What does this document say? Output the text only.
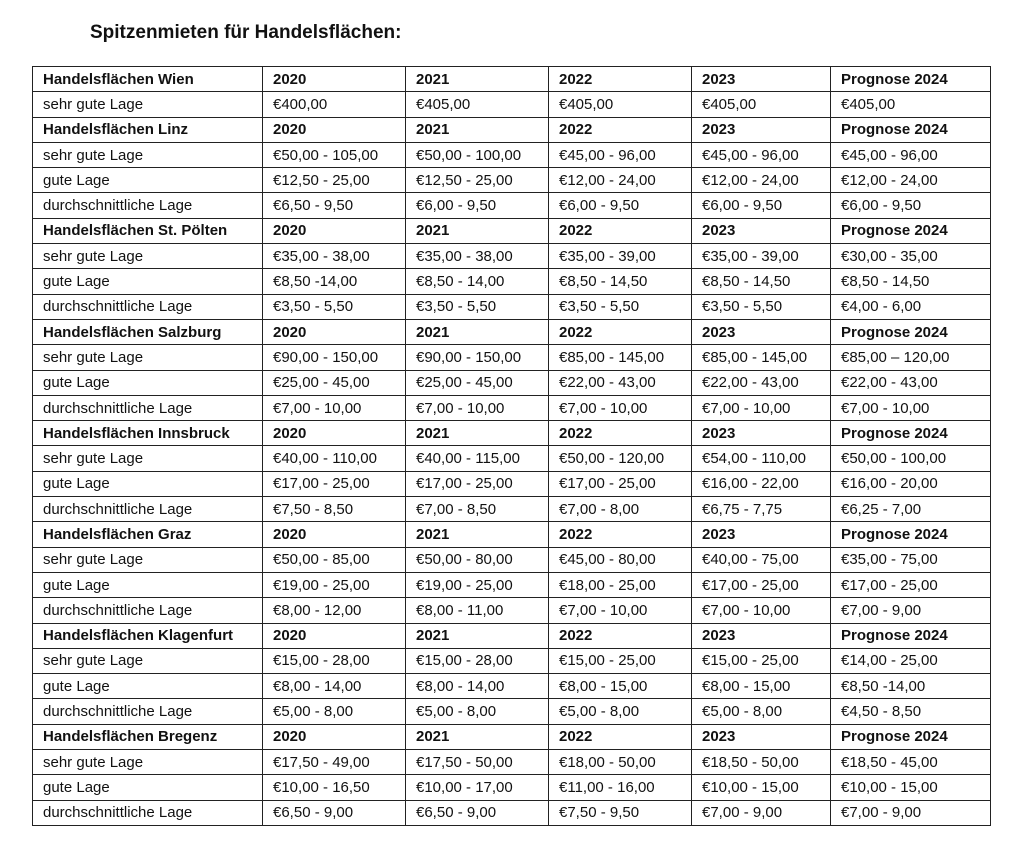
Spitzenmieten für Handelsflächen:
Handelsflächen Wien	2020	2021	2022	2023	Prognose 2024
sehr gute Lage	€400,00	€405,00	€405,00	€405,00	€405,00
Handelsflächen Linz	2020	2021	2022	2023	Prognose 2024
sehr gute Lage	€50,00 - 105,00	€50,00 - 100,00	€45,00 - 96,00	€45,00 - 96,00	€45,00 - 96,00
gute Lage	€12,50 - 25,00	€12,50 - 25,00	€12,00 - 24,00	€12,00 - 24,00	€12,00 - 24,00
durchschnittliche Lage	€6,50 - 9,50	€6,00 - 9,50	€6,00 - 9,50	€6,00 - 9,50	€6,00 - 9,50
Handelsflächen St. Pölten	2020	2021	2022	2023	Prognose 2024
sehr gute Lage	€35,00 - 38,00	€35,00 - 38,00	€35,00 - 39,00	€35,00 - 39,00	€30,00 - 35,00
gute Lage	€8,50 -14,00	€8,50 - 14,00	€8,50 - 14,50	€8,50 - 14,50	€8,50 - 14,50
durchschnittliche Lage	€3,50 - 5,50	€3,50 - 5,50	€3,50 - 5,50	€3,50 - 5,50	€4,00 - 6,00
Handelsflächen Salzburg	2020	2021	2022	2023	Prognose 2024
sehr gute Lage	€90,00 - 150,00	€90,00 - 150,00	€85,00 - 145,00	€85,00 - 145,00	€85,00 – 120,00
gute Lage	€25,00 - 45,00	€25,00 - 45,00	€22,00 - 43,00	€22,00 - 43,00	€22,00 - 43,00
durchschnittliche Lage	€7,00 - 10,00	€7,00 - 10,00	€7,00 - 10,00	€7,00 - 10,00	€7,00 - 10,00
Handelsflächen Innsbruck	2020	2021	2022	2023	Prognose 2024
sehr gute Lage	€40,00 - 110,00	€40,00 - 115,00	€50,00 - 120,00	€54,00 - 110,00	€50,00 - 100,00
gute Lage	€17,00 - 25,00	€17,00 - 25,00	€17,00 - 25,00	€16,00 - 22,00	€16,00 - 20,00
durchschnittliche Lage	€7,50 - 8,50	€7,00 - 8,50	€7,00 - 8,00	€6,75 - 7,75	€6,25 - 7,00
Handelsflächen Graz	2020	2021	2022	2023	Prognose 2024
sehr gute Lage	€50,00 - 85,00	€50,00 - 80,00	€45,00 - 80,00	€40,00 - 75,00	€35,00 - 75,00
gute Lage	€19,00 - 25,00	€19,00 - 25,00	€18,00 - 25,00	€17,00 - 25,00	€17,00 - 25,00
durchschnittliche Lage	€8,00 - 12,00	€8,00 - 11,00	€7,00 - 10,00	€7,00 - 10,00	€7,00 - 9,00
Handelsflächen Klagenfurt	2020	2021	2022	2023	Prognose 2024
sehr gute Lage	€15,00 - 28,00	€15,00 - 28,00	€15,00 - 25,00	€15,00 - 25,00	€14,00 - 25,00
gute Lage	€8,00 - 14,00	€8,00 - 14,00	€8,00 - 15,00	€8,00 - 15,00	€8,50 -14,00
durchschnittliche Lage	€5,00 - 8,00	€5,00 - 8,00	€5,00 - 8,00	€5,00 - 8,00	€4,50 - 8,50
Handelsflächen Bregenz	2020	2021	2022	2023	Prognose 2024
sehr gute Lage	€17,50 - 49,00	€17,50 - 50,00	€18,00 - 50,00	€18,50 - 50,00	€18,50 - 45,00
gute Lage	€10,00 - 16,50	€10,00 - 17,00	€11,00 - 16,00	€10,00 - 15,00	€10,00 - 15,00
durchschnittliche Lage	€6,50 - 9,00	€6,50 - 9,00	€7,50 - 9,50	€7,00 - 9,00	€7,00 - 9,00
